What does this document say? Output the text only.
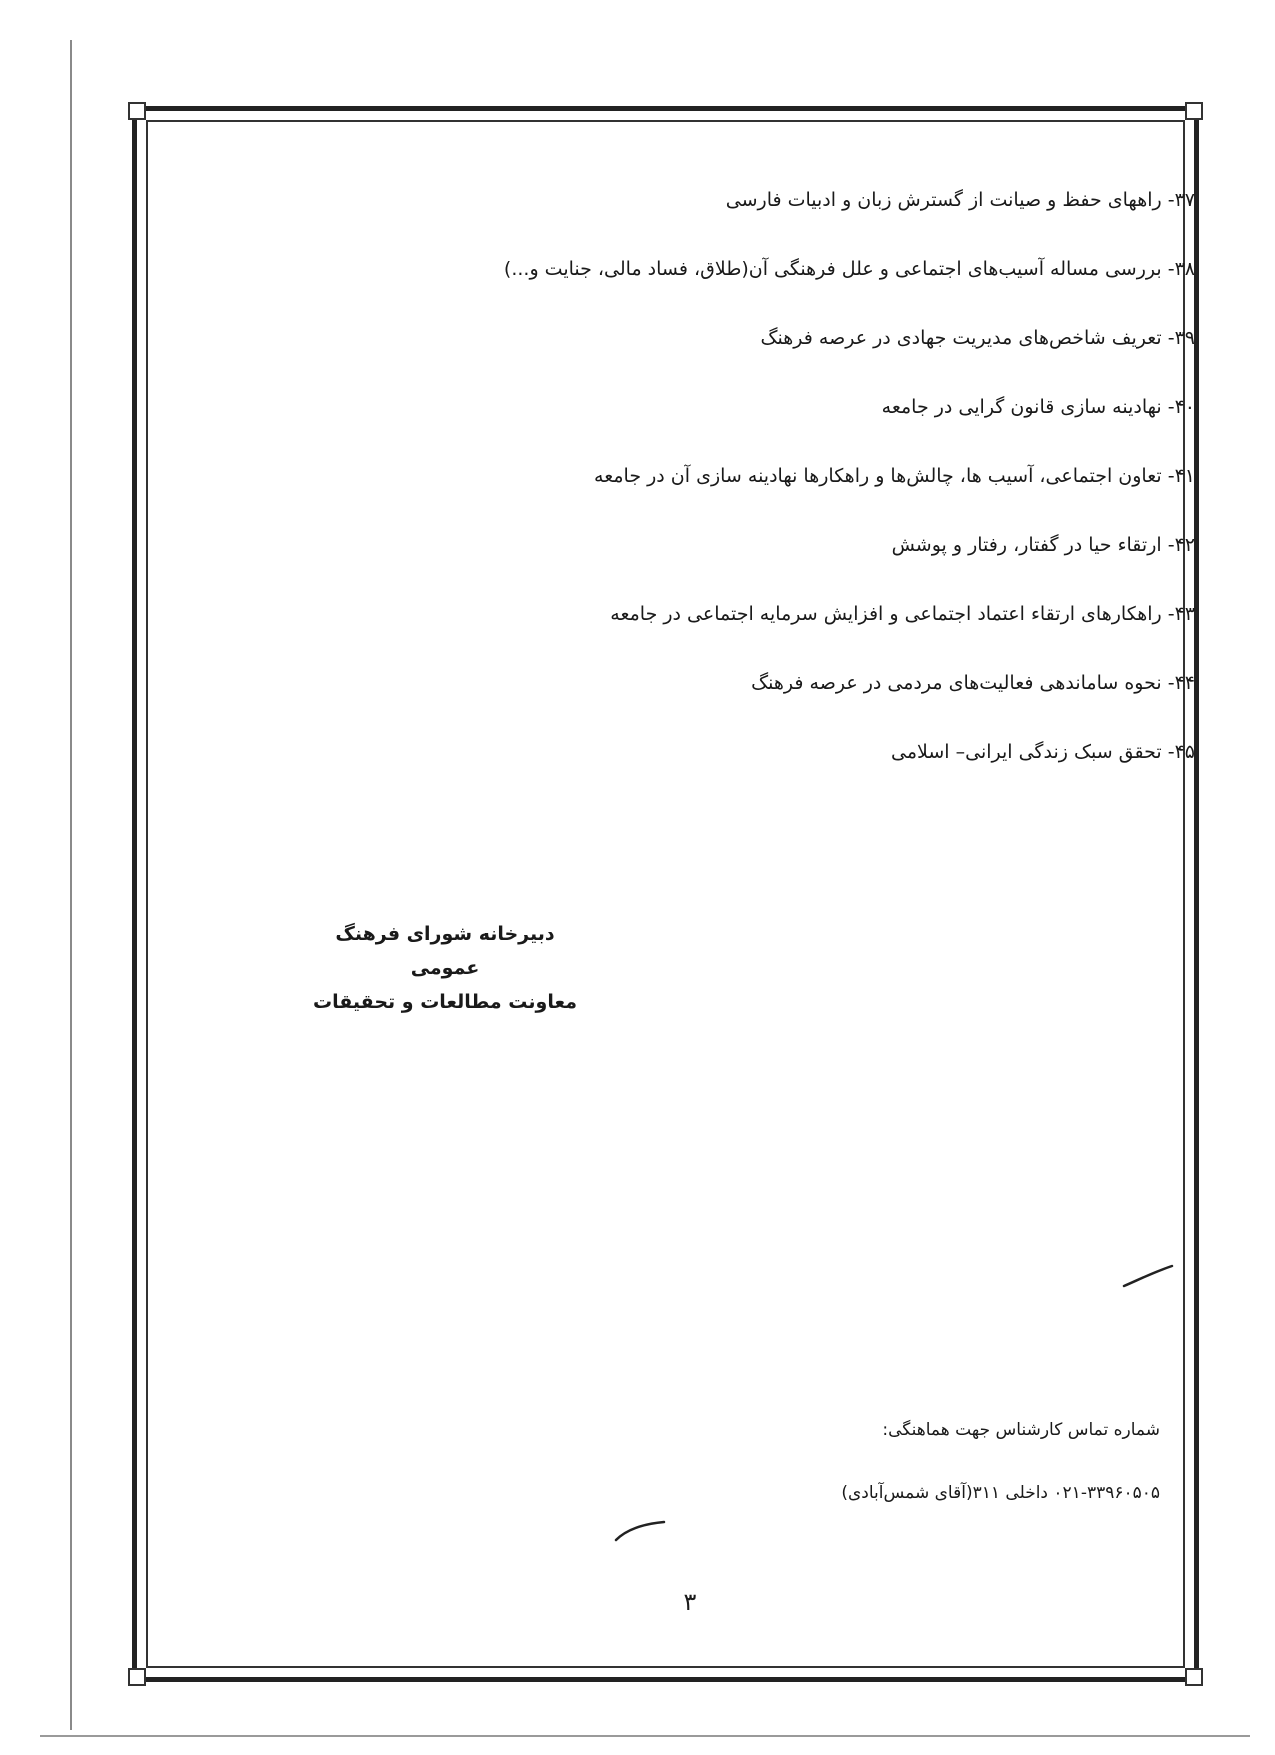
۳۷- راههای حفظ و صیانت از گسترش زبان و ادبیات فارسی
۳۸- بررسی مساله آسیب‌های اجتماعی و علل فرهنگی آن(طلاق، فساد مالی، جنایت و...)
۳۹- تعریف شاخص‌های مدیریت جهادی در عرصه فرهنگ
۴۰- نهادینه سازی قانون گرایی در جامعه
۴۱- تعاون اجتماعی، آسیب ها، چالش‌ها و راهکارها نهادینه سازی آن در جامعه
۴۲- ارتقاء حیا در گفتار، رفتار و پوشش
۴۳- راهکارهای ارتقاء اعتماد اجتماعی و افزایش سرمایه اجتماعی در جامعه
۴۴- نحوه ساماندهی فعالیت‌های مردمی در عرصه فرهنگ
۴۵- تحقق سبک زندگی ایرانی– اسلامی
دبیرخانه شورای فرهنگ عمومی
معاونت مطالعات و تحقیقات
شماره تماس کارشناس جهت هماهنگی:
۰۲۱-۳۳۹۶۰۵۰۵ داخلی ۳۱۱(آقای شمس‌آبادی)
۳
